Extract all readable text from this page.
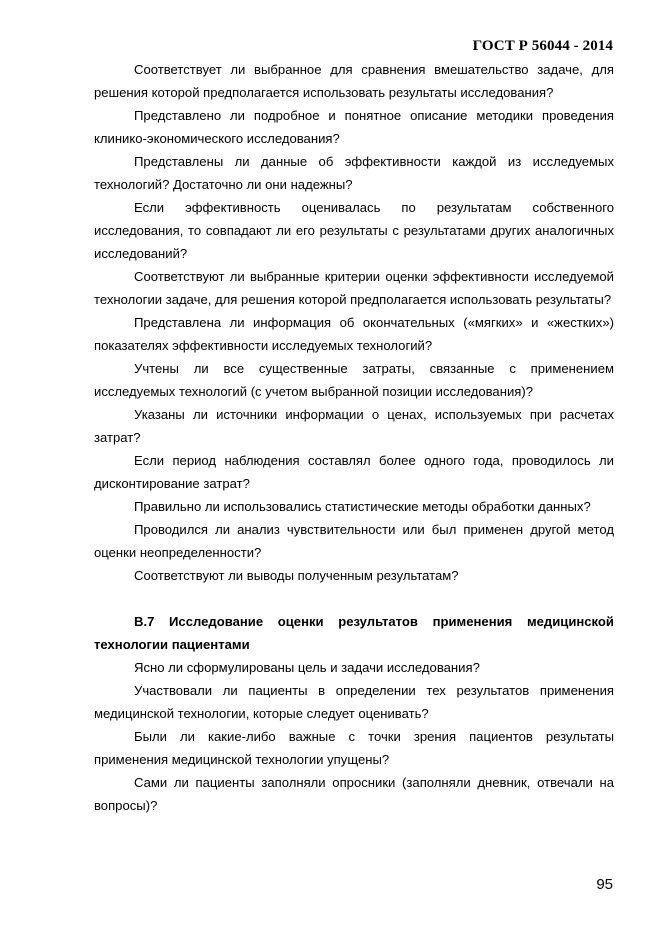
ГОСТ Р 56044 - 2014

Соответствует ли выбранное для сравнения вмешательство задаче, для решения которой предполагается использовать результаты исследования?

Представлено ли подробное и понятное описание методики проведения клинико-экономического исследования?

Представлены ли данные об эффективности каждой из исследуемых технологий? Достаточно ли они надежны?

Если эффективность оценивалась по результатам собственного исследования, то совпадают ли его результаты с результатами других аналогичных исследований?

Соответствуют ли выбранные критерии оценки эффективности исследуемой технологии задаче, для решения которой предполагается использовать результаты?

Представлена ли информация об окончательных («мягких» и «жестких») показателях эффективности исследуемых технологий?

Учтены ли все существенные затраты, связанные с применением исследуемых технологий (с учетом выбранной позиции исследования)?

Указаны ли источники информации о ценах, используемых при расчетах затрат?

Если период наблюдения составлял более одного года, проводилось ли дисконтирование затрат?

Правильно ли использовались статистические методы обработки данных?

Проводился ли анализ чувствительности или был применен другой метод оценки неопределенности?

Соответствуют ли выводы полученным результатам?

В.7 Исследование оценки результатов применения медицинской технологии пациентами

Ясно ли сформулированы цель и задачи исследования?

Участвовали ли пациенты в определении тех результатов применения медицинской технологии, которые следует оценивать?

Были ли какие-либо важные с точки зрения пациентов результаты применения медицинской технологии упущены?

Сами ли пациенты заполняли опросники (заполняли дневник, отвечали на вопросы)?

95
